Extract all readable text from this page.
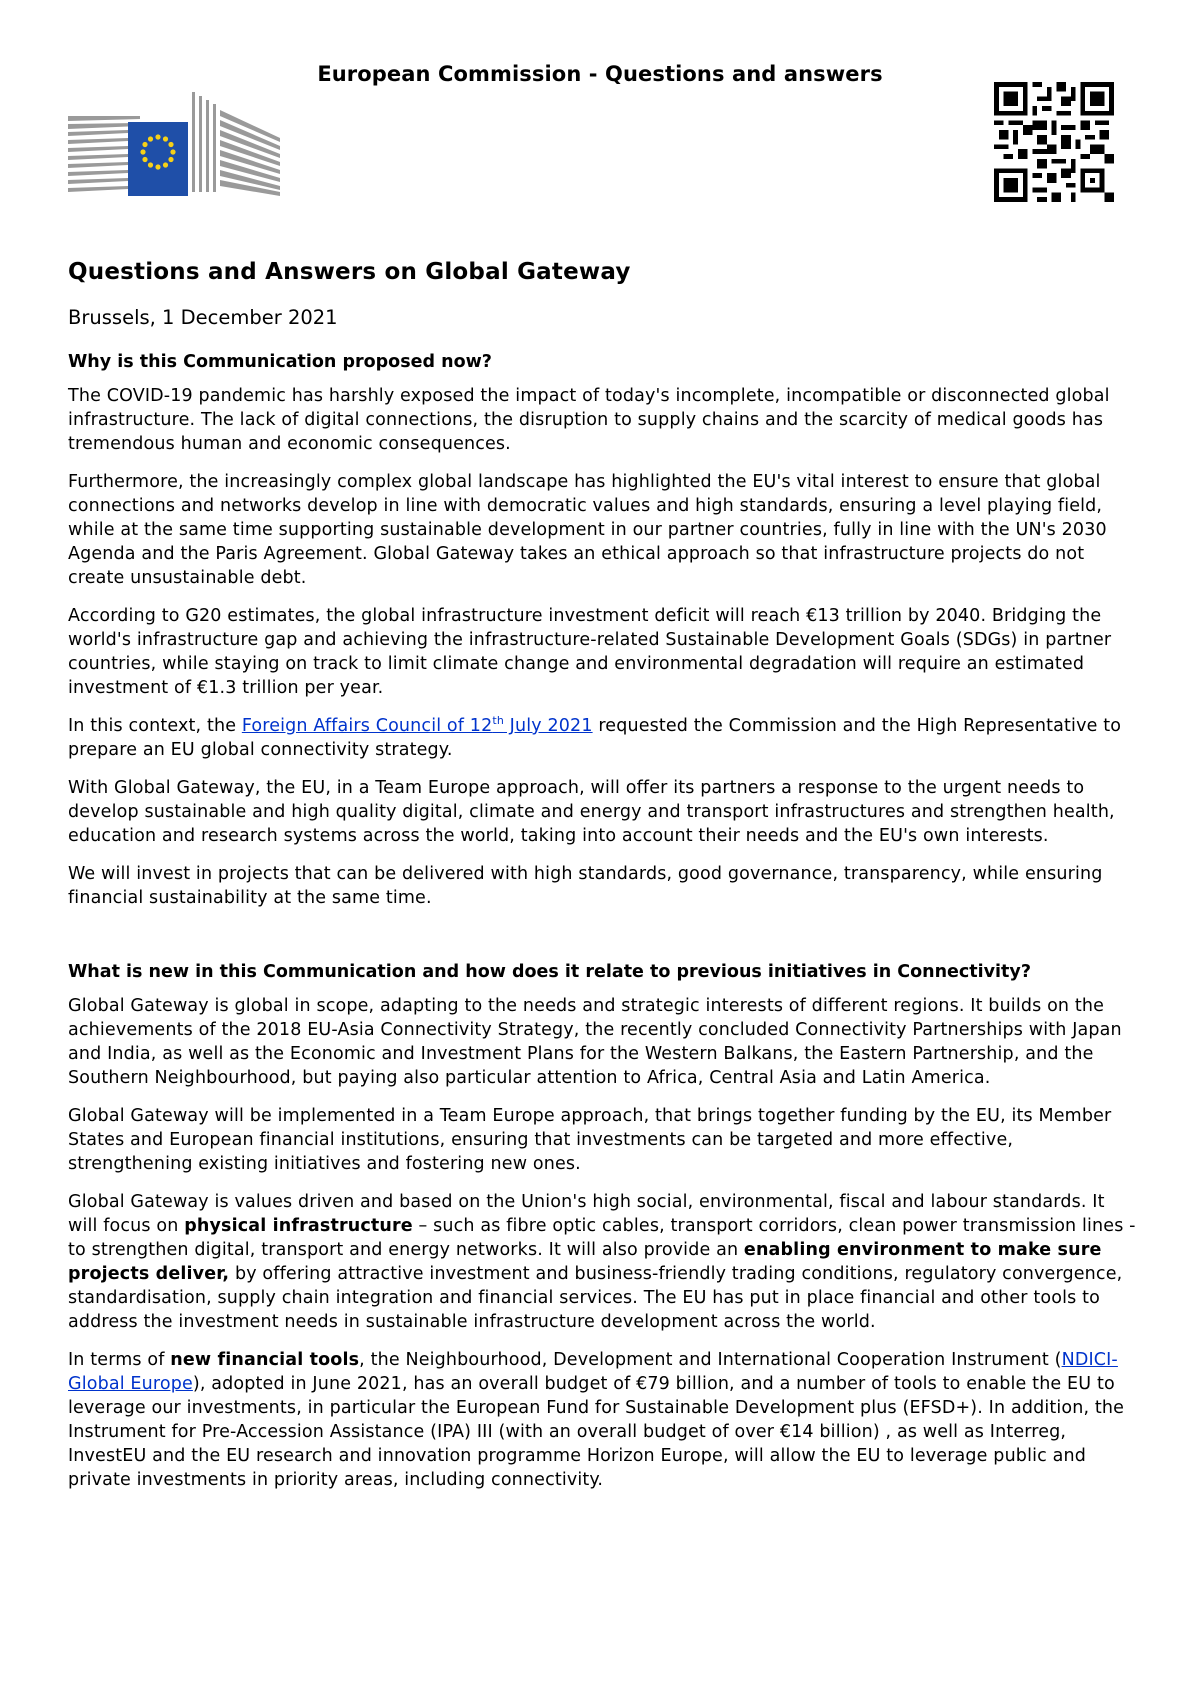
European Commission - Questions and answers
Questions and Answers on Global Gateway
Brussels, 1 December 2021
Why is this Communication proposed now?

The COVID-19 pandemic has harshly exposed the impact of today's incomplete, incompatible or disconnected global infrastructure. The lack of digital connections, the disruption to supply chains and the scarcity of medical goods has tremendous human and economic consequences.

Furthermore, the increasingly complex global landscape has highlighted the EU's vital interest to ensure that global connections and networks develop in line with democratic values and high standards, ensuring a level playing field, while at the same time supporting sustainable development in our partner countries, fully in line with the UN's 2030 Agenda and the Paris Agreement. Global Gateway takes an ethical approach so that infrastructure projects do not create unsustainable debt.

According to G20 estimates, the global infrastructure investment deficit will reach €13 trillion by 2040. Bridging the world's infrastructure gap and achieving the infrastructure-related Sustainable Development Goals (SDGs) in partner countries, while staying on track to limit climate change and environmental degradation will require an estimated investment of €1.3 trillion per year.

In this context, the Foreign Affairs Council of 12th July 2021 requested the Commission and the High Representative to prepare an EU global connectivity strategy.

With Global Gateway, the EU, in a Team Europe approach, will offer its partners a response to the urgent needs to develop sustainable and high quality digital, climate and energy and transport infrastructures and strengthen health, education and research systems across the world, taking into account their needs and the EU's own interests.

We will invest in projects that can be delivered with high standards, good governance, transparency, while ensuring financial sustainability at the same time.

What is new in this Communication and how does it relate to previous initiatives in Connectivity?

Global Gateway is global in scope, adapting to the needs and strategic interests of different regions. It builds on the achievements of the 2018 EU-Asia Connectivity Strategy, the recently concluded Connectivity Partnerships with Japan and India, as well as the Economic and Investment Plans for the Western Balkans, the Eastern Partnership, and the Southern Neighbourhood, but paying also particular attention to Africa, Central Asia and Latin America.

Global Gateway will be implemented in a Team Europe approach, that brings together funding by the EU, its Member States and European financial institutions, ensuring that investments can be targeted and more effective, strengthening existing initiatives and fostering new ones.

Global Gateway is values driven and based on the Union's high social, environmental, fiscal and labour standards. It will focus on physical infrastructure – such as fibre optic cables, transport corridors, clean power transmission lines - to strengthen digital, transport and energy networks. It will also provide an enabling environment to make sure projects deliver, by offering attractive investment and business-friendly trading conditions, regulatory convergence, standardisation, supply chain integration and financial services. The EU has put in place financial and other tools to address the investment needs in sustainable infrastructure development across the world.

In terms of new financial tools, the Neighbourhood, Development and International Cooperation Instrument (NDICI-Global Europe), adopted in June 2021, has an overall budget of €79 billion, and a number of tools to enable the EU to leverage our investments, in particular the European Fund for Sustainable Development plus (EFSD+). In addition, the Instrument for Pre-Accession Assistance (IPA) III (with an overall budget of over €14 billion) , as well as Interreg, InvestEU and the EU research and innovation programme Horizon Europe, will allow the EU to leverage public and private investments in priority areas, including connectivity.
